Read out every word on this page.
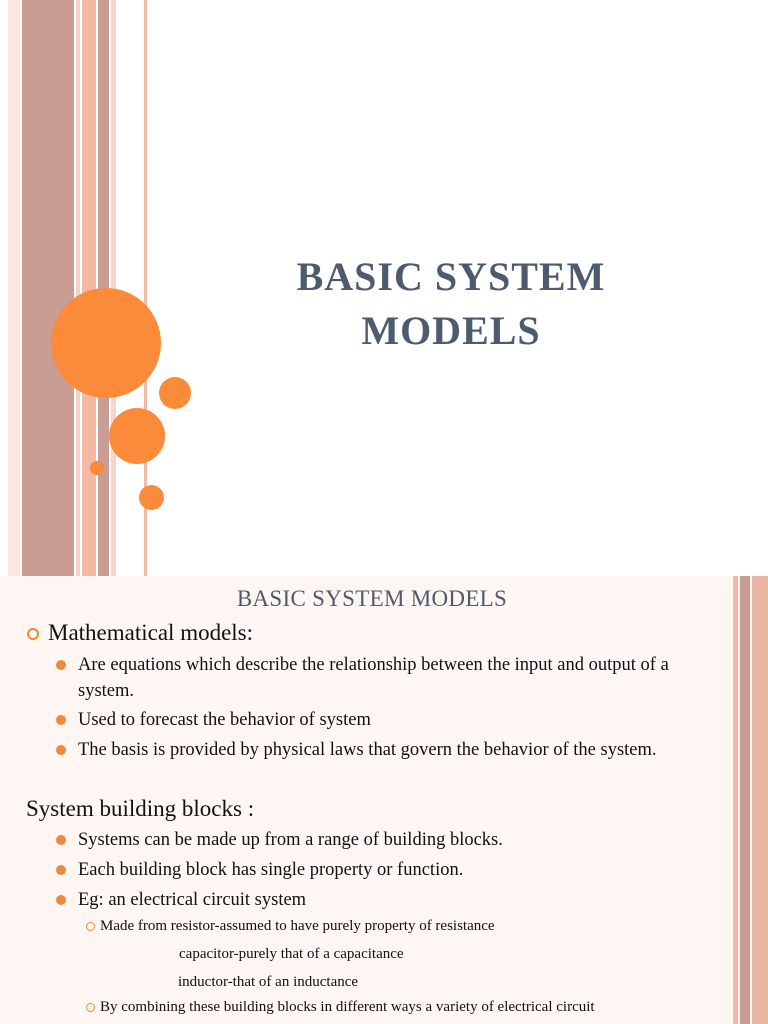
BASIC SYSTEM
MODELS
BASIC SYSTEM MODELS
Mathematical models:
Are equations which describe the relationship between the input and output of a system.
Used to forecast the behavior of system
The basis is provided by physical laws that govern the behavior of the system.
System building blocks :
Systems can be made up from a range of building blocks.
Each building block has single property or function.
Eg: an electrical circuit system
Made from resistor-assumed to have purely property of resistance
capacitor-purely that of a capacitance
inductor-that of an inductance
By combining these building blocks in different ways a variety of electrical circuit
